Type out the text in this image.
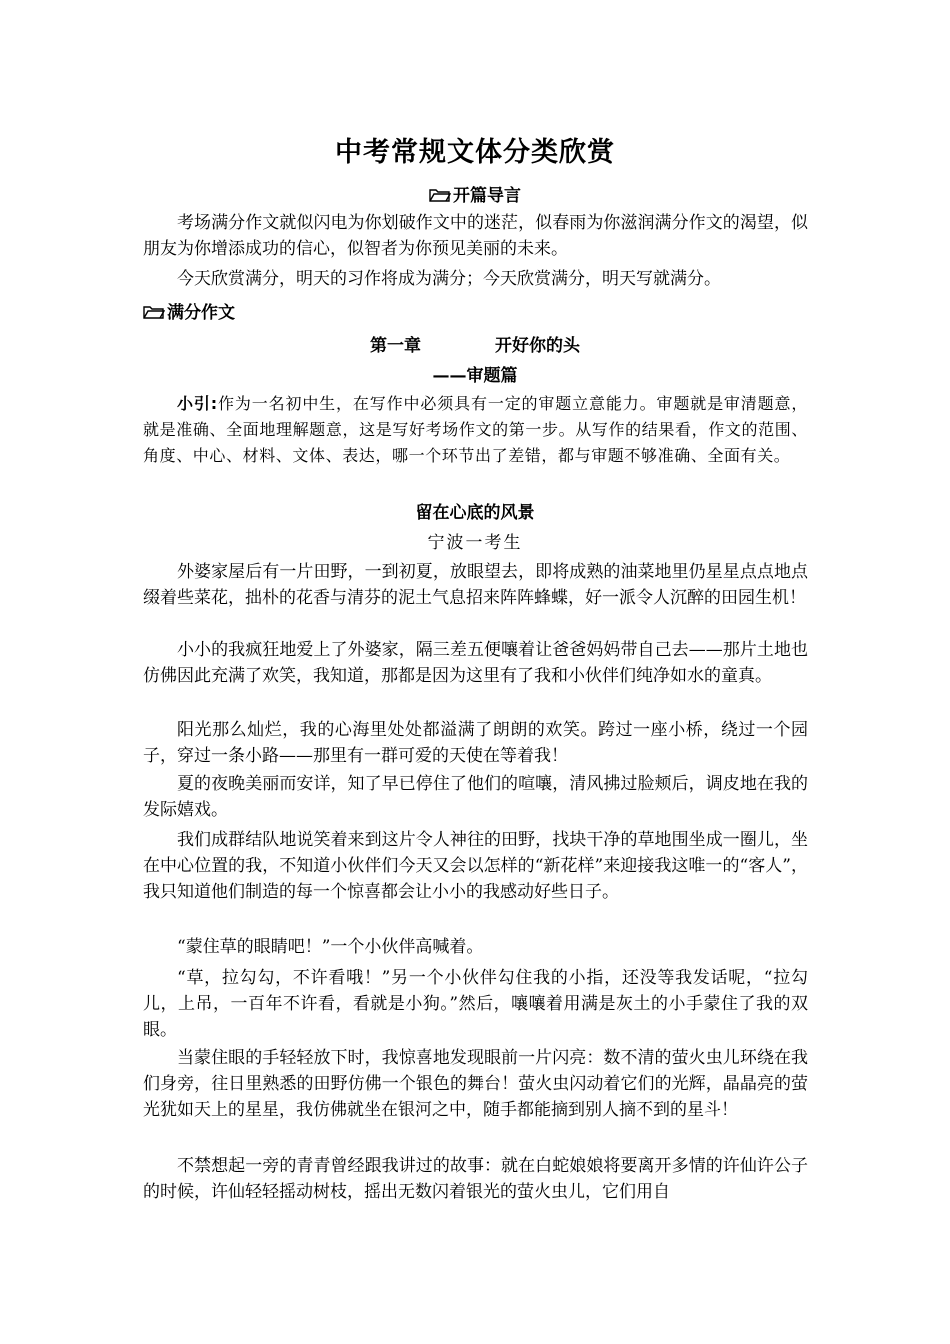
中考常规文体分类欣赏
开篇导言

考场满分作文就似闪电为你划破作文中的迷茫，似春雨为你滋润满分作文的渴望，似朋友为你增添成功的信心，似智者为你预见美丽的未来。

今天欣赏满分，明天的习作将成为满分；今天欣赏满分，明天写就满分。

满分作文
第一章	开好你的头
——审题篇

小引:作为一名初中生，在写作中必须具有一定的审题立意能力。审题就是审清题意，就是准确、全面地理解题意，这是写好考场作文的第一步。从写作的结果看，作文的范围、角度、中心、材料、文体、表达，哪一个环节出了差错，都与审题不够准确、全面有关。

留在心底的风景
宁波一考生

外婆家屋后有一片田野，一到初夏，放眼望去，即将成熟的油菜地里仍星星点点地点缀着些菜花，拙朴的花香与清芬的泥土气息招来阵阵蜂蝶，好一派令人沉醉的田园生机！

小小的我疯狂地爱上了外婆家，隔三差五便嚷着让爸爸妈妈带自己去——那片土地也仿佛因此充满了欢笑，我知道，那都是因为这里有了我和小伙伴们纯净如水的童真。

阳光那么灿烂，我的心海里处处都溢满了朗朗的欢笑。跨过一座小桥，绕过一个园子，穿过一条小路——那里有一群可爱的天使在等着我！

夏的夜晚美丽而安详，知了早已停住了他们的喧嚷，清风拂过脸颊后，调皮地在我的发际嬉戏。

我们成群结队地说笑着来到这片令人神往的田野，找块干净的草地围坐成一圈儿，坐在中心位置的我，不知道小伙伴们今天又会以怎样的“新花样”来迎接我这唯一的“客人”，我只知道他们制造的每一个惊喜都会让小小的我感动好些日子。

“蒙住草的眼睛吧！”一个小伙伴高喊着。

“草，拉勾勾，不许看哦！”另一个小伙伴勾住我的小指，还没等我发话呢，“拉勾儿，上吊，一百年不许看，看就是小狗。”然后，嚷嚷着用满是灰土的小手蒙住了我的双眼。

当蒙住眼的手轻轻放下时，我惊喜地发现眼前一片闪亮：数不清的萤火虫儿环绕在我们身旁，往日里熟悉的田野仿佛一个银色的舞台！萤火虫闪动着它们的光辉，晶晶亮的萤光犹如天上的星星，我仿佛就坐在银河之中，随手都能摘到别人摘不到的星斗！

不禁想起一旁的青青曾经跟我讲过的故事：就在白蛇娘娘将要离开多情的许仙许公子的时候，许仙轻轻摇动树枝，摇出无数闪着银光的萤火虫儿，它们用自
